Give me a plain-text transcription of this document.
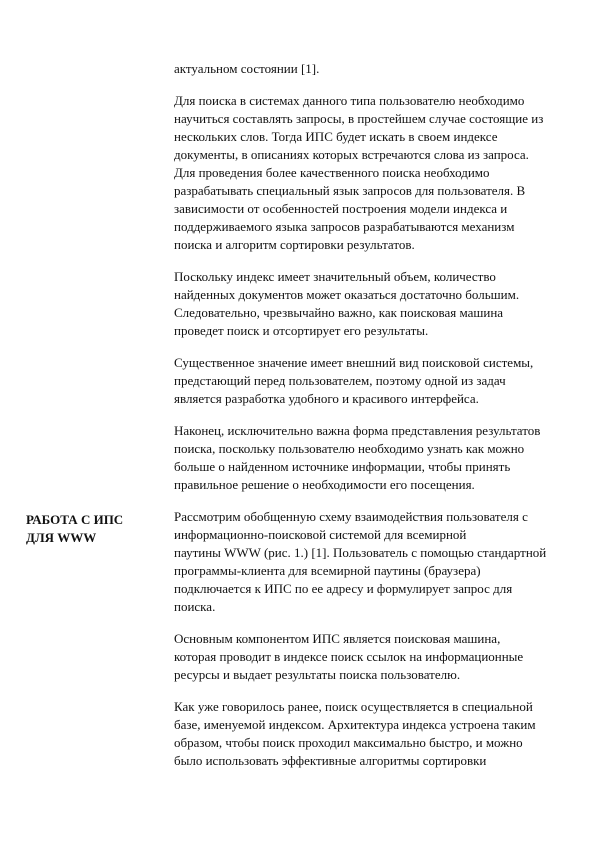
РАБОТА С ИПС
ДЛЯ WWW

актуальном состоянии [1].

Для поиска в системах данного типа пользователю необходимо
научиться составлять запросы, в простейшем случае состоящие из
нескольких слов. Тогда ИПС будет искать в своем индексе
документы, в описаниях которых встречаются слова из запроса.
Для проведения более качественного поиска необходимо
разрабатывать специальный язык запросов для пользователя. В
зависимости от особенностей построения модели индекса и
поддерживаемого языка запросов разрабатываются механизм
поиска и алгоритм сортировки результатов.

Поскольку индекс имеет значительный объем, количество
найденных документов может оказаться достаточно большим.
Следовательно, чрезвычайно важно, как поисковая машина
проведет поиск и отсортирует его результаты.

Существенное значение имеет внешний вид поисковой системы,
предстающий перед пользователем, поэтому одной из задач
является разработка удобного и красивого интерфейса.

Наконец, исключительно важна форма представления результатов
поиска, поскольку пользователю необходимо узнать как можно
больше о найденном источнике информации, чтобы принять
правильное решение о необходимости его посещения.

Рассмотрим обобщенную схему взаимодействия пользователя с
информационно-поисковой системой для всемирной
паутины WWW (рис. 1.) [1]. Пользователь с помощью стандартной
программы-клиента для всемирной паутины (браузера)
подключается к ИПС по ее адресу и формулирует запрос для
поиска.

Основным компонентом ИПС является поисковая машина,
которая проводит в индексе поиск ссылок на информационные
ресурсы и выдает результаты поиска пользователю.

Как уже говорилось ранее, поиск осуществляется в специальной
базе, именуемой индексом. Архитектура индекса устроена таким
образом, чтобы поиск проходил максимально быстро, и можно
было использовать эффективные алгоритмы сортировки
